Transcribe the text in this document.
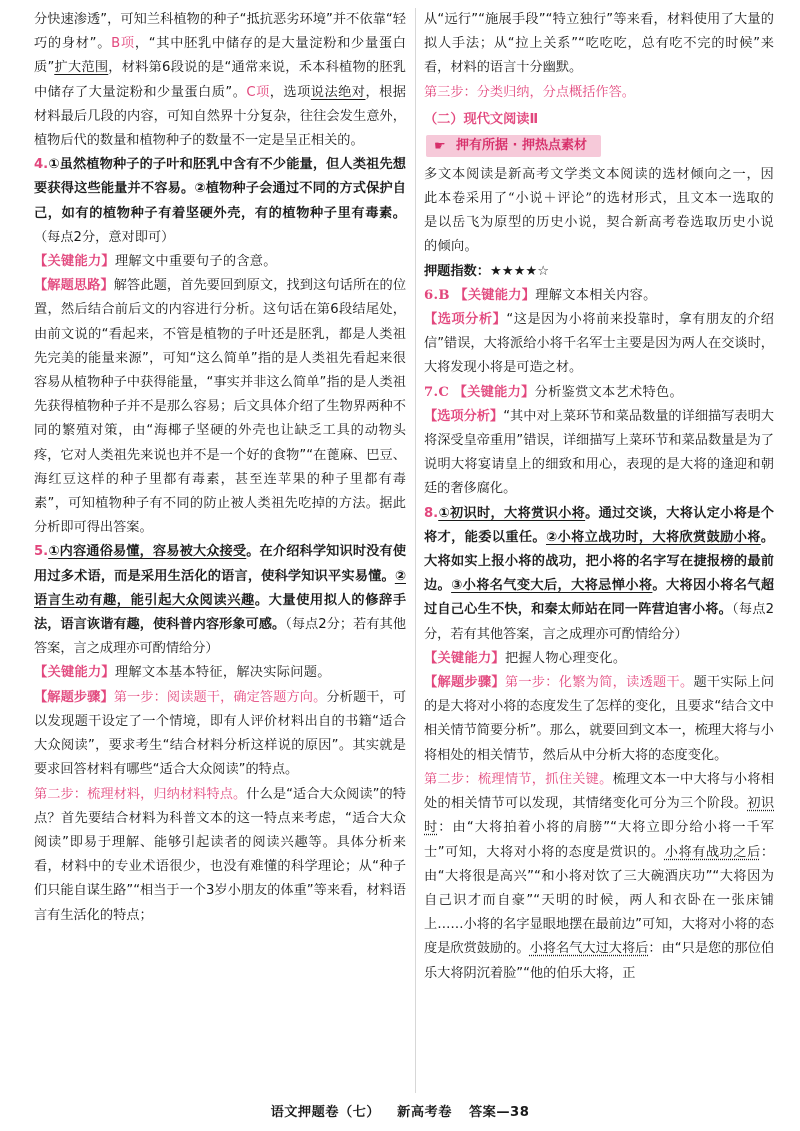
分快速渗透”，可知兰科植物的种子“抵抗恶劣环境”并不依靠“轻巧的身材”。B项，“其中胚乳中储存的是大量淀粉和少量蛋白质”扩大范围，材料第6段说的是“通常来说，禾本科植物的胚乳中储存了大量淀粉和少量蛋白质”。C项，选项说法绝对，根据材料最后几段的内容，可知自然界十分复杂，往往会发生意外，植物后代的数量和植物种子的数量不一定是呈正相关的。

4.①虽然植物种子的子叶和胚乳中含有不少能量，但人类祖先想要获得这些能量并不容易。②植物种子会通过不同的方式保护自己，如有的植物种子有着坚硬外壳，有的植物种子里有毒素。（每点2分，意对即可）

【关键能力】理解文中重要句子的含意。

【解题思路】解答此题，首先要回到原文，找到这句话所在的位置，然后结合前后文的内容进行分析。这句话在第6段结尾处，由前文说的“看起来，不管是植物的子叶还是胚乳，都是人类祖先完美的能量来源”，可知“这么简单”指的是人类祖先看起来很容易从植物种子中获得能量，“事实并非这么简单”指的是人类祖先获得植物种子并不是那么容易；后文具体介绍了生物界两种不同的繁殖对策，由“海椰子坚硬的外壳也让缺乏工具的动物头疼，它对人类祖先来说也并不是一个好的食物”“在蓖麻、巴豆、海红豆这样的种子里都有毒素，甚至连苹果的种子里都有毒素”，可知植物种子有不同的防止被人类祖先吃掉的方法。据此分析即可得出答案。

5.①内容通俗易懂，容易被大众接受。在介绍科学知识时没有使用过多术语，而是采用生活化的语言，使科学知识平实易懂。②语言生动有趣，能引起大众阅读兴趣。大量使用拟人的修辞手法，语言诙谐有趣，使科普内容形象可感。（每点2分；若有其他答案，言之成理亦可酌情给分）

【关键能力】理解文本基本特征，解决实际问题。

【解题步骤】第一步：阅读题干，确定答题方向。分析题干，可以发现题干设定了一个情境，即有人评价材料出自的书籍“适合大众阅读”，要求考生“结合材料分析这样说的原因”。其实就是要求回答材料有哪些“适合大众阅读”的特点。

第二步：梳理材料，归纳材料特点。什么是“适合大众阅读”的特点？首先要结合材料为科普文本的这一特点来考虑，“适合大众阅读”即易于理解、能够引起读者的阅读兴趣等。具体分析来看，材料中的专业术语很少，也没有难懂的科学理论；从“种子们只能自谋生路”“相当于一个3岁小朋友的体重”等来看，材料语言有生活化的特点；

从“远行”“施展手段”“特立独行”等来看，材料使用了大量的拟人手法；从“拉上关系”“吃吃吃，总有吃不完的时候”来看，材料的语言十分幽默。

第三步：分类归纳，分点概括作答。

（二）现代文阅读Ⅱ

☛ 押有所据 · 押热点素材

多文本阅读是新高考文学类文本阅读的选材倾向之一，因此本卷采用了“小说＋评论”的选材形式，且文本一选取的是以岳飞为原型的历史小说，契合新高考卷选取历史小说的倾向。

押题指数：★★★★☆

6.B 【关键能力】理解文本相关内容。

【选项分析】“这是因为小将前来投靠时，拿有朋友的介绍信”错误，大将派给小将千名军士主要是因为两人在交谈时，大将发现小将是可造之材。

7.C 【关键能力】分析鉴赏文本艺术特色。

【选项分析】“其中对上菜环节和菜品数量的详细描写表明大将深受皇帝重用”错误，详细描写上菜环节和菜品数量是为了说明大将宴请皇上的细致和用心，表现的是大将的逢迎和朝廷的奢侈腐化。

8.①初识时，大将赏识小将。通过交谈，大将认定小将是个将才，能委以重任。②小将立战功时，大将欣赏鼓励小将。大将如实上报小将的战功，把小将的名字写在捷报榜的最前边。③小将名气变大后，大将忌惮小将。大将因小将名气超过自己心生不快，和秦太师站在同一阵营迫害小将。（每点2分，若有其他答案，言之成理亦可酌情给分）

【关键能力】把握人物心理变化。

【解题步骤】第一步：化繁为简，读透题干。题干实际上问的是大将对小将的态度发生了怎样的变化，且要求“结合文中相关情节简要分析”。那么，就要回到文本一，梳理大将与小将相处的相关情节，然后从中分析大将的态度变化。

第二步：梳理情节，抓住关键。梳理文本一中大将与小将相处的相关情节可以发现，其情绪变化可分为三个阶段。初识时：由“大将拍着小将的肩膀”“大将立即分给小将一千军士”可知，大将对小将的态度是赏识的。小将有战功之后：由“大将很是高兴”“和小将对饮了三大碗酒庆功”“大将因为自己识才而自豪”“天明的时候，两人和衣卧在一张床铺上……小将的名字显眼地摆在最前边”可知，大将对小将的态度是欣赏鼓励的。小将名气大过大将后：由“只是您的那位伯乐大将阴沉着脸”“他的伯乐大将，正

语文押题卷（七） 新高考卷 答案—38
